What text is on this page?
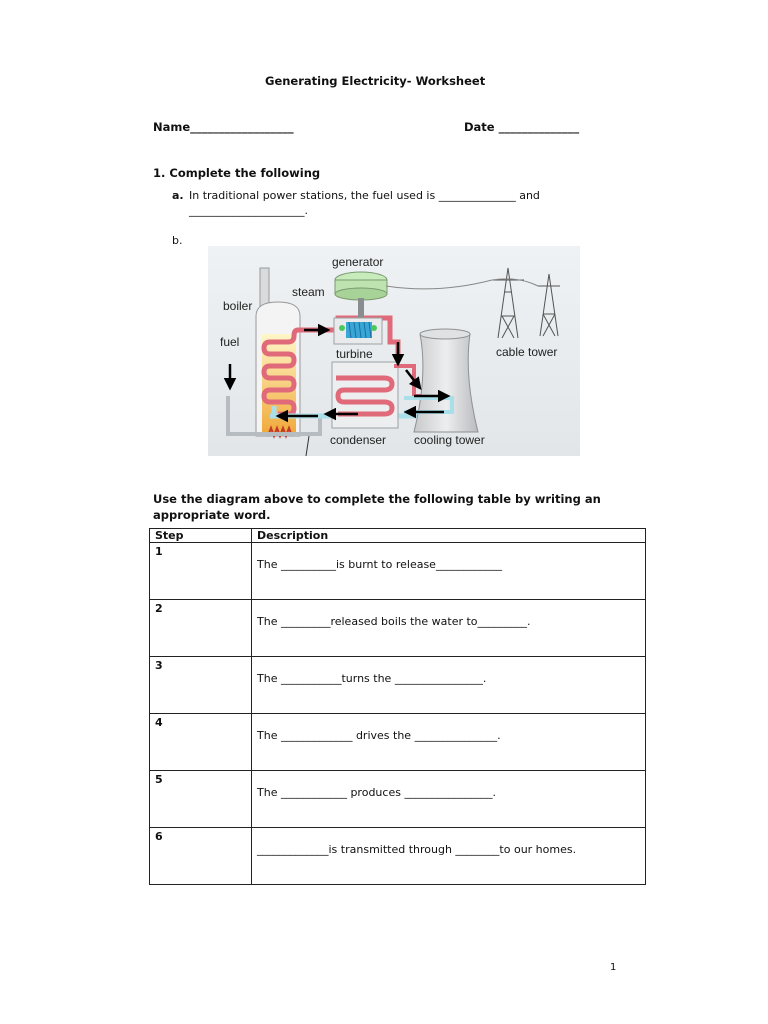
Generating Electricity- Worksheet
Name__________________	Date ______________
1. Complete the following
a. In traditional power stations, the fuel used is ______________ and
_____________________.
b.
generator
steam
boiler
fuel
turbine	cable tower
condenser cooling tower
Use the diagram above to complete the following table by writing an appropriate word.
Step	Description
1	The __________is burnt to release____________
2	The _________released boils the water to_________.
3	The ___________turns the ________________.
4	The _____________ drives the _______________.
5	The ____________ produces ________________.
6	_____________is transmitted through ________to our homes.
1
